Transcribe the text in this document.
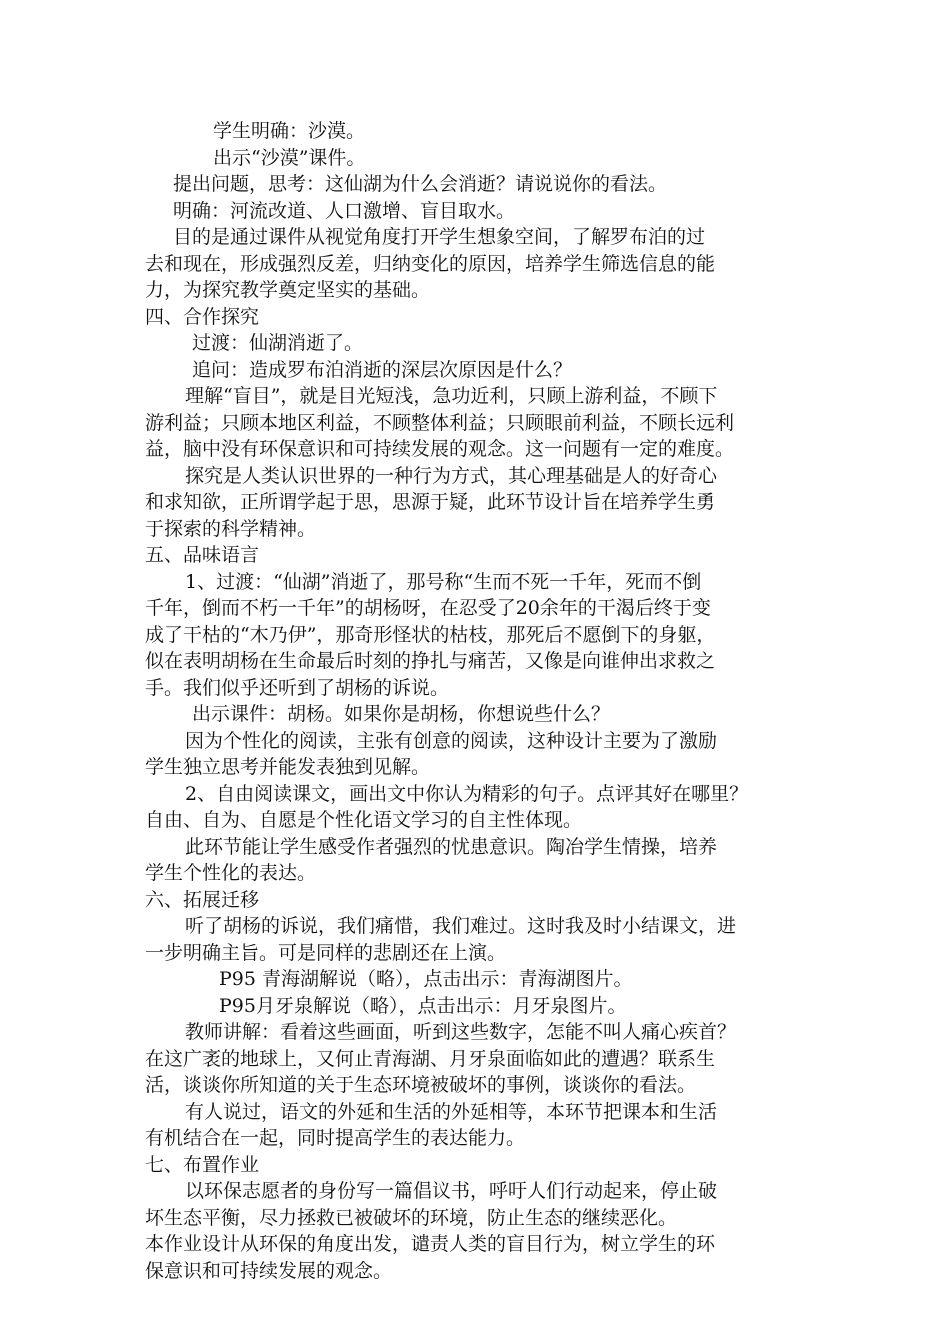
学生明确：沙漠。
出示“沙漠”课件。
提出问题，思考：这仙湖为什么会消逝？请说说你的看法。
明确：河流改道、人口激增、盲目取水。
目的是通过课件从视觉角度打开学生想象空间，了解罗布泊的过
去和现在，形成强烈反差，归纳变化的原因，培养学生筛选信息的能
力，为探究教学奠定坚实的基础。
四、合作探究
过渡：仙湖消逝了。
追问：造成罗布泊消逝的深层次原因是什么？
理解“盲目”，就是目光短浅，急功近利，只顾上游利益，不顾下
游利益；只顾本地区利益，不顾整体利益；只顾眼前利益，不顾长远利
益，脑中没有环保意识和可持续发展的观念。这一问题有一定的难度。
探究是人类认识世界的一种行为方式，其心理基础是人的好奇心
和求知欲，正所谓学起于思，思源于疑，此环节设计旨在培养学生勇
于探索的科学精神。
五、品味语言
1、过渡：“仙湖”消逝了，那号称“生而不死一千年，死而不倒
千年，倒而不朽一千年”的胡杨呀，在忍受了20余年的干渴后终于变
成了干枯的“木乃伊”，那奇形怪状的枯枝，那死后不愿倒下的身躯，
似在表明胡杨在生命最后时刻的挣扎与痛苦，又像是向谁伸出求救之
手。我们似乎还听到了胡杨的诉说。
出示课件：胡杨。如果你是胡杨，你想说些什么？
因为个性化的阅读，主张有创意的阅读，这种设计主要为了激励
学生独立思考并能发表独到见解。
2、自由阅读课文，画出文中你认为精彩的句子。点评其好在哪里？
自由、自为、自愿是个性化语文学习的自主性体现。
此环节能让学生感受作者强烈的忧患意识。陶冶学生情操，培养
学生个性化的表达。
六、拓展迁移
听了胡杨的诉说，我们痛惜，我们难过。这时我及时小结课文，进
一步明确主旨。可是同样的悲剧还在上演。
P95 青海湖解说（略），点击出示：青海湖图片。
P95月牙泉解说（略），点击出示：月牙泉图片。
教师讲解：看着这些画面，听到这些数字，怎能不叫人痛心疾首？
在这广袤的地球上，又何止青海湖、月牙泉面临如此的遭遇？联系生
活，谈谈你所知道的关于生态环境被破坏的事例，谈谈你的看法。
有人说过，语文的外延和生活的外延相等，本环节把课本和生活
有机结合在一起，同时提高学生的表达能力。
七、布置作业
以环保志愿者的身份写一篇倡议书，呼吁人们行动起来，停止破
坏生态平衡，尽力拯救已被破坏的环境，防止生态的继续恶化。
本作业设计从环保的角度出发，谴责人类的盲目行为，树立学生的环
保意识和可持续发展的观念。
